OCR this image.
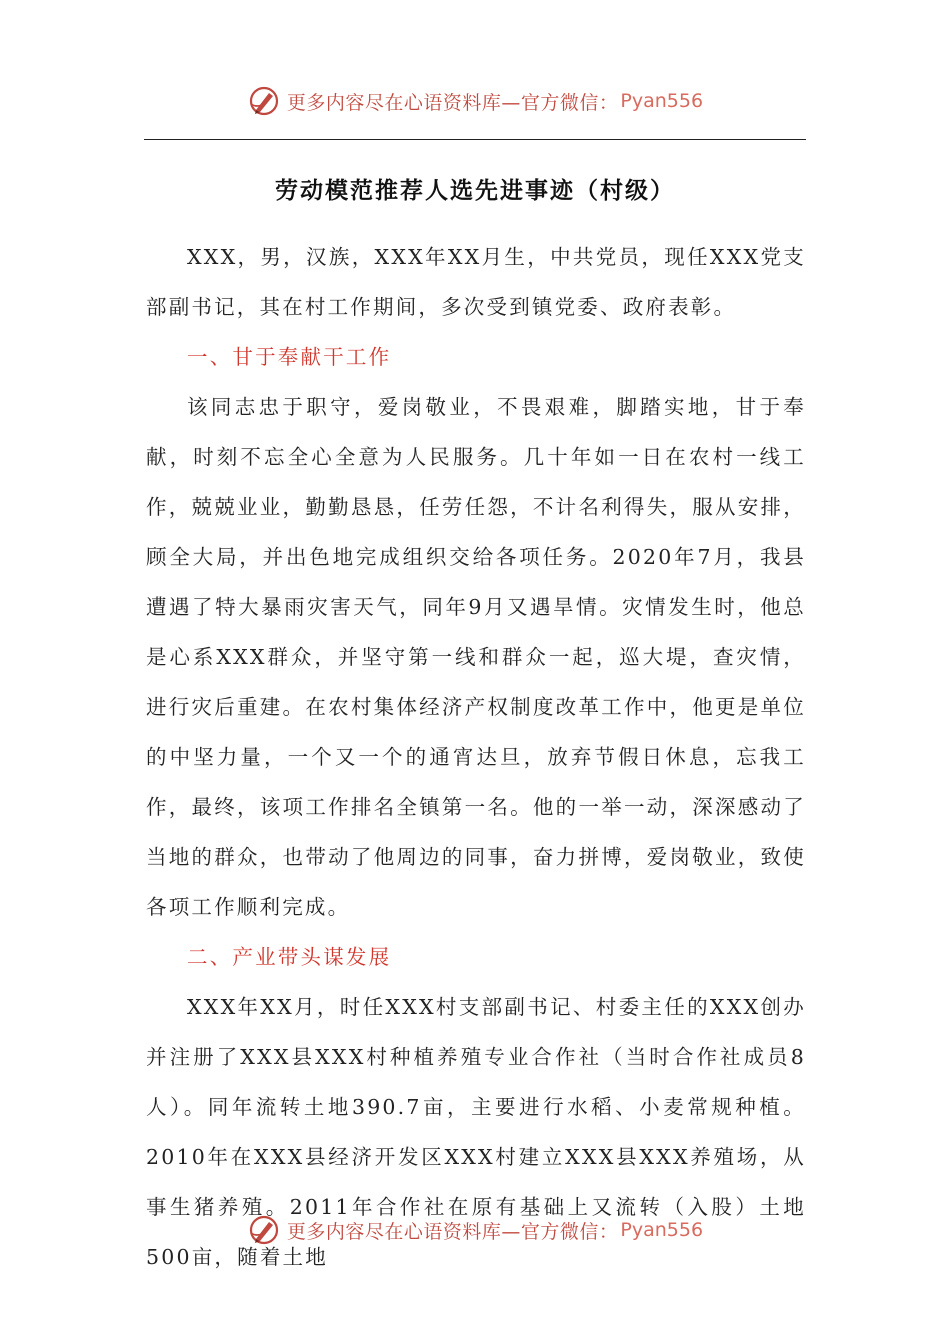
更多内容尽在心语资料库—官方微信： Pyan556
劳动模范推荐人选先进事迹（村级）

XXX，男，汉族，XXX年XX月生，中共党员，现任XXX党支部副书记，其在村工作期间，多次受到镇党委、政府表彰。

一、甘于奉献干工作

该同志忠于职守，爱岗敬业，不畏艰难，脚踏实地，甘于奉献，时刻不忘全心全意为人民服务。几十年如一日在农村一线工作，兢兢业业，勤勤恳恳，任劳任怨，不计名利得失，服从安排，顾全大局，并出色地完成组织交给各项任务。2020年7月，我县遭遇了特大暴雨灾害天气，同年9月又遇旱情。灾情发生时，他总是心系XXX群众，并坚守第一线和群众一起，巡大堤，查灾情，进行灾后重建。在农村集体经济产权制度改革工作中，他更是单位的中坚力量，一个又一个的通宵达旦，放弃节假日休息，忘我工作，最终，该项工作排名全镇第一名。他的一举一动，深深感动了当地的群众，也带动了他周边的同事，奋力拼博，爱岗敬业，致使各项工作顺利完成。

二、产业带头谋发展

XXX年XX月，时任XXX村支部副书记、村委主任的XXX创办并注册了XXX县XXX村种植养殖专业合作社（当时合作社成员8人）。同年流转土地390.7亩，主要进行水稻、小麦常规种植。2010年在XXX县经济开发区XXX村建立XXX县XXX养殖场，从事生猪养殖。2011年合作社在原有基础上又流转（入股）土地500亩，随着土地

更多内容尽在心语资料库—官方微信： Pyan556
